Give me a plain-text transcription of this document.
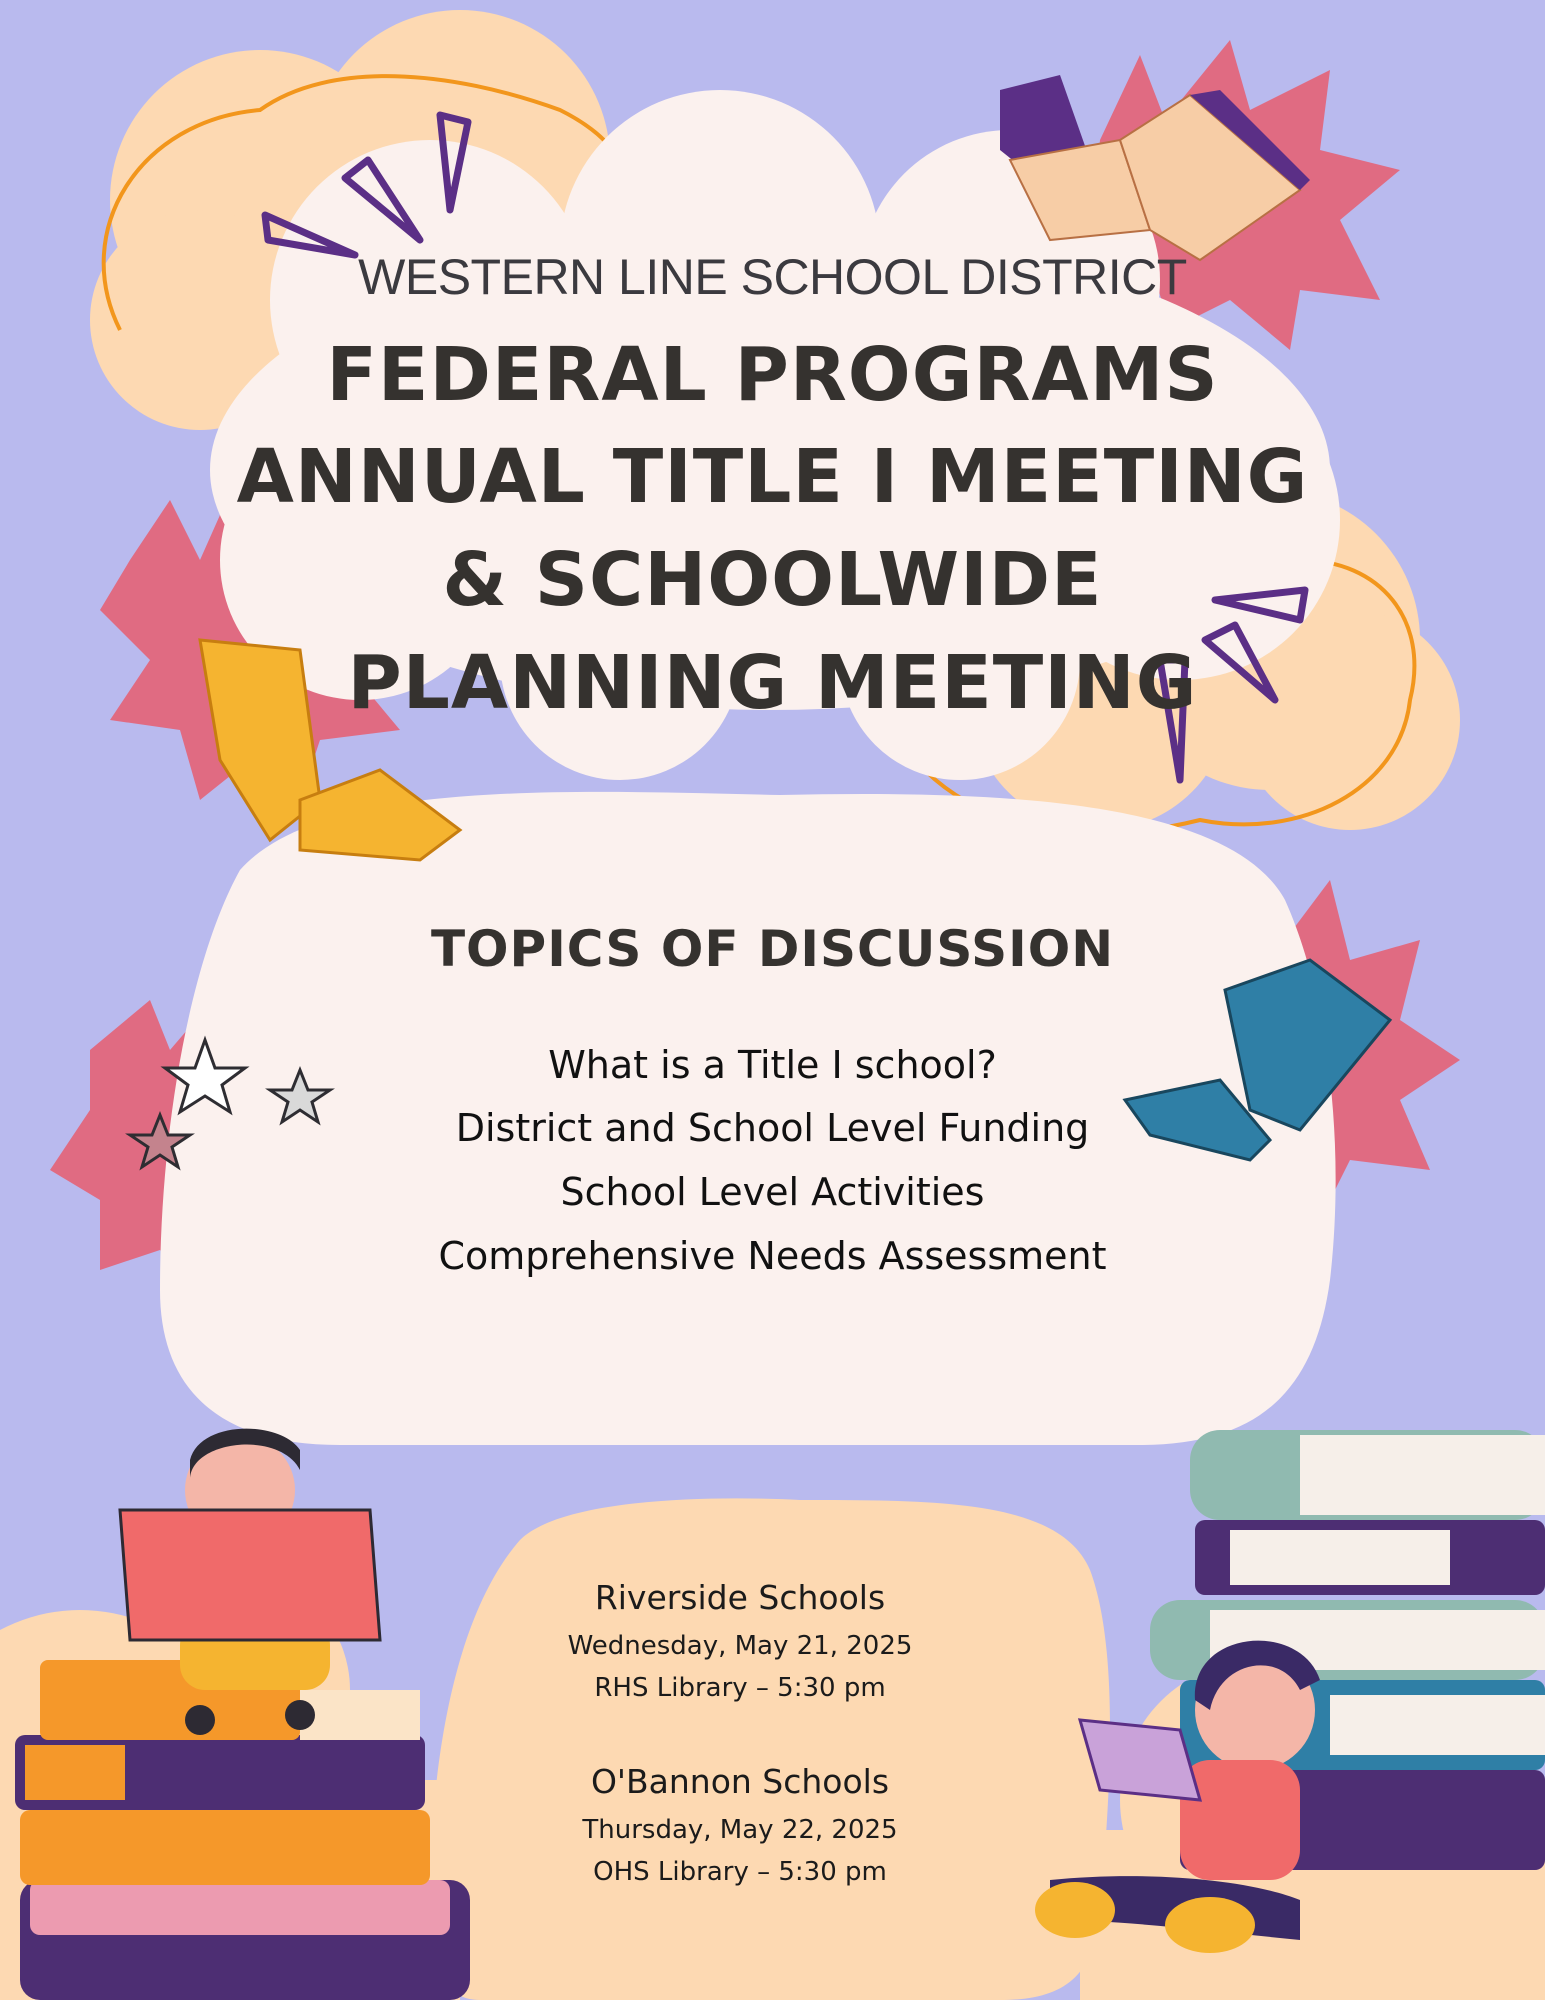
WESTERN LINE SCHOOL DISTRICT
FEDERAL PROGRAMS
ANNUAL TITLE I MEETING
& SCHOOLWIDE
PLANNING MEETING
TOPICS OF DISCUSSION

What is a Title I school?

District and School Level Funding

School Level Activities

Comprehensive Needs Assessment

Riverside Schools

Wednesday, May 21, 2025

RHS Library – 5:30 pm

O'Bannon Schools

Thursday, May 22, 2025

OHS Library – 5:30 pm
